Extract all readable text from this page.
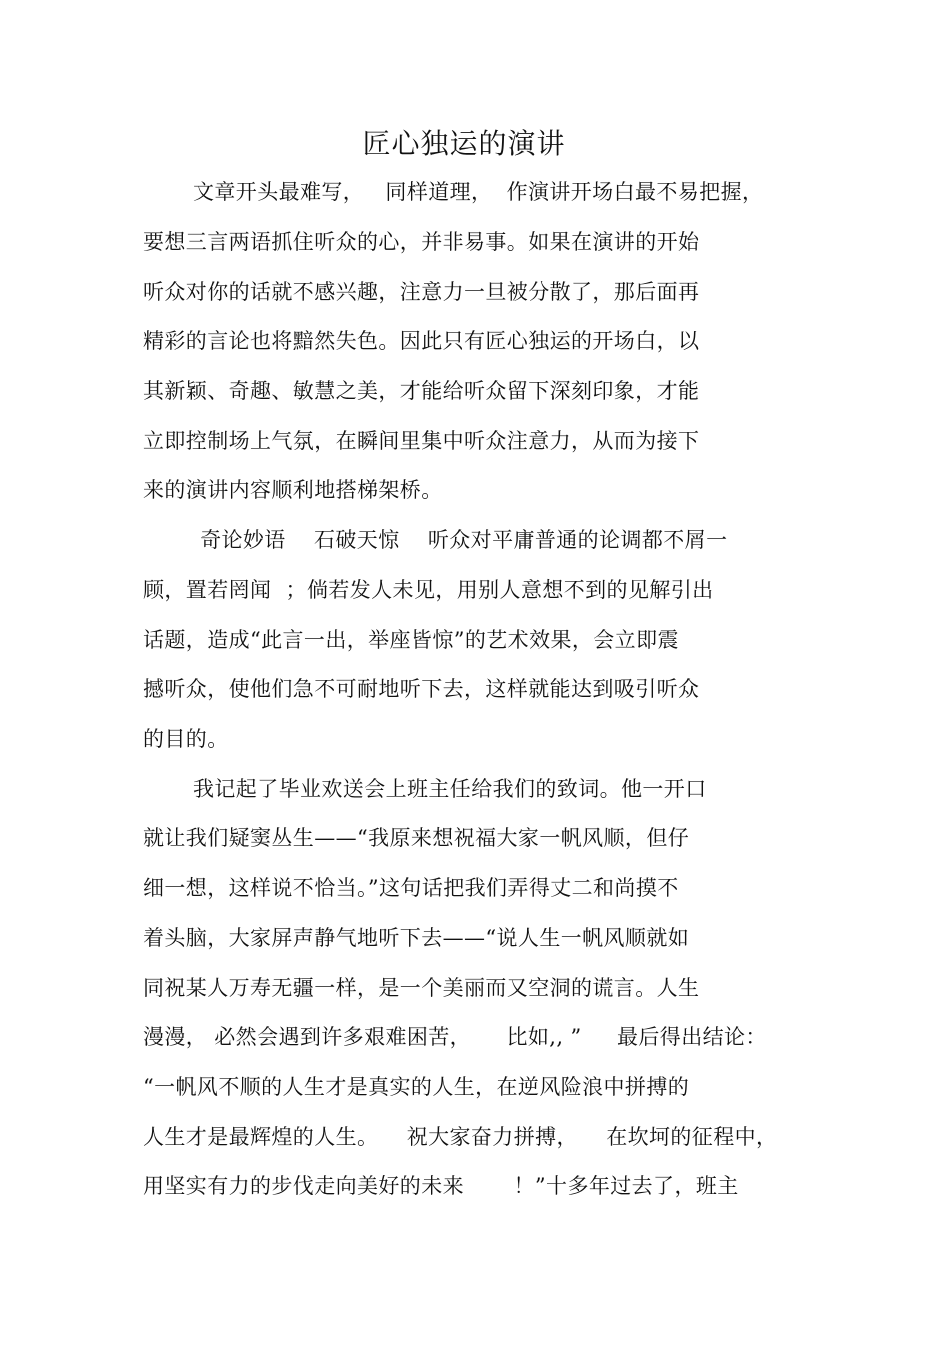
匠心独运的演讲
文章开头最难写，   同样道理，  作演讲开场白最不易把握，
要想三言两语抓住听众的心，并非易事。如果在演讲的开始
听众对你的话就不感兴趣，注意力一旦被分散了，那后面再
精彩的言论也将黯然失色。因此只有匠心独运的开场白，以
其新颖、奇趣、敏慧之美，才能给听众留下深刻印象，才能
立即控制场上气氛，在瞬间里集中听众注意力，从而为接下
来的演讲内容顺利地搭梯架桥。
奇论妙语    石破天惊    听众对平庸普通的论调都不屑一
顾，置若罔闻  ；倘若发人未见，用别人意想不到的见解引出
话题，造成“此言一出，举座皆惊”的艺术效果，会立即震
撼听众，使他们急不可耐地听下去，这样就能达到吸引听众
的目的。
我记起了毕业欢送会上班主任给我们的致词。他一开口
就让我们疑窦丛生——“我原来想祝福大家一帆风顺，但仔
细一想，这样说不恰当。”这句话把我们弄得丈二和尚摸不
着头脑，大家屏声静气地听下去——“说人生一帆风顺就如
同祝某人万寿无疆一样，是一个美丽而又空洞的谎言。人生
漫漫， 必然会遇到许多艰难困苦，     比如,, ”     最后得出结论：
“一帆风不顺的人生才是真实的人生，在逆风险浪中拼搏的
人生才是最辉煌的人生。    祝大家奋力拼搏，    在坎坷的征程中，
用坚实有力的步伐走向美好的未来       ！”十多年过去了，班主
